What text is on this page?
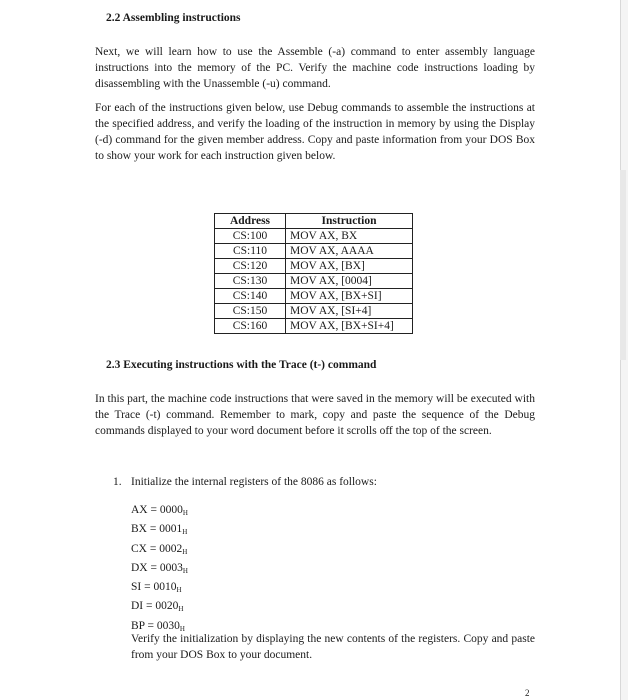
2.2 Assembling instructions
Next, we will learn how to use the Assemble (-a) command to enter assembly language instructions into the memory of the PC. Verify the machine code instructions loading by disassembling with the Unassemble (-u) command.
For each of the instructions given below, use Debug commands to assemble the instructions at the specified address, and verify the loading of the instruction in memory by using the Display (-d) command for the given member address. Copy and paste information from your DOS Box to show your work for each instruction given below.
Address	Instruction
CS:100	MOV AX, BX
CS:110	MOV AX, AAAA
CS:120	MOV AX, [BX]
CS:130	MOV AX, [0004]
CS:140	MOV AX, [BX+SI]
CS:150	MOV AX, [SI+4]
CS:160	MOV AX, [BX+SI+4]
2.3 Executing instructions with the Trace (t-) command
In this part, the machine code instructions that were saved in the memory will be executed with the Trace (-t) command. Remember to mark, copy and paste the sequence of the Debug commands displayed to your word document before it scrolls off the top of the screen.
1. Initialize the internal registers of the 8086 as follows:
AX = $0000_H$
BX = $0001_H$
CX = $0002_H$
DX = $0003_H$
SI = $0010_H$
DI = $0020_H$
BP = $0030_H$
Verify the initialization by displaying the new contents of the registers. Copy and paste from your DOS Box to your document.
2
